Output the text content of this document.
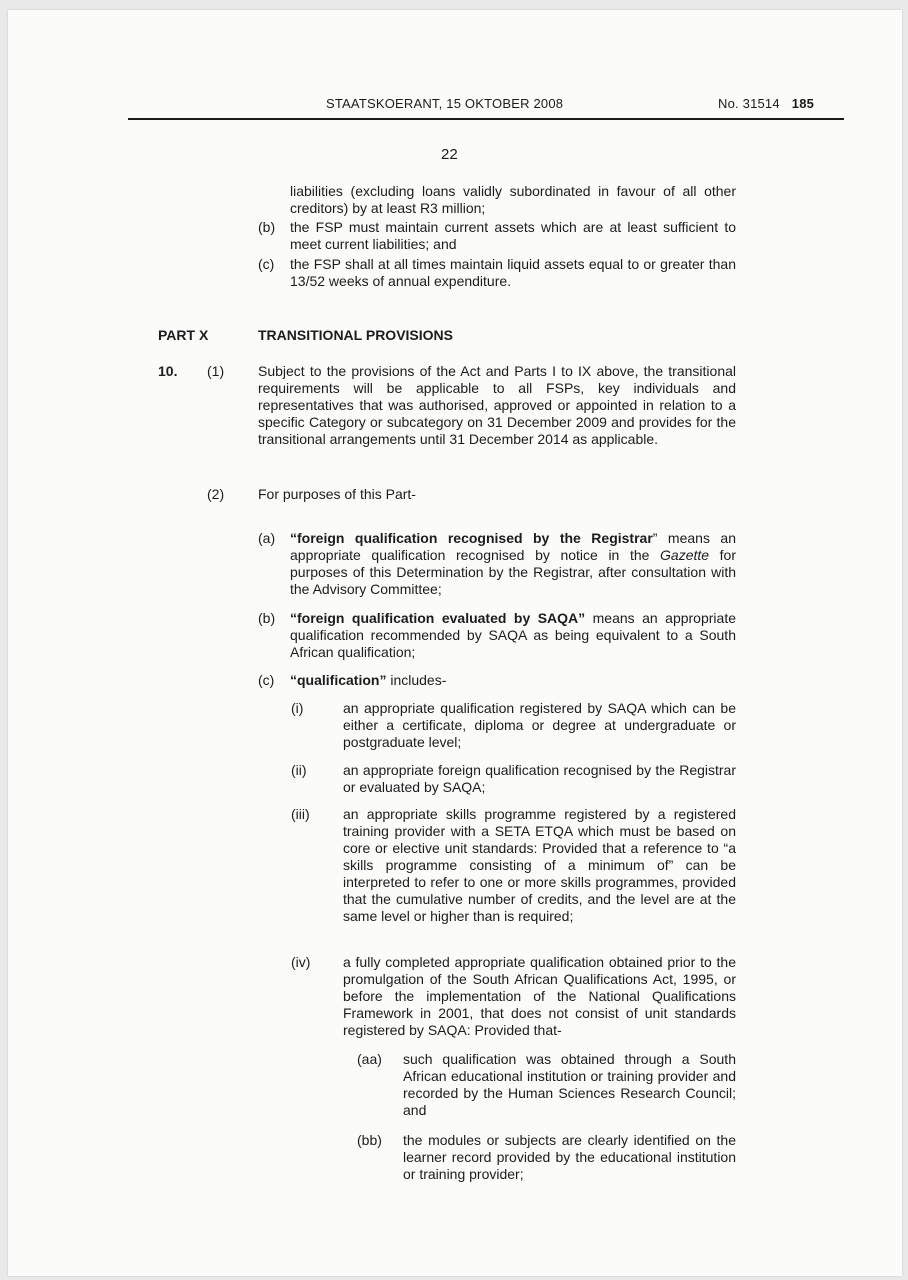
STAATSKOERANT, 15 OKTOBER 2008	No. 31514 185
22

liabilities (excluding loans validly subordinated in favour of all other creditors) by at least R3 million;

(b) the FSP must maintain current assets which are at least sufficient to meet current liabilities; and

(c) the FSP shall at all times maintain liquid assets equal to or greater than 13/52 weeks of annual expenditure.

PART X	TRANSITIONAL PROVISIONS
10. (1) Subject to the provisions of the Act and Parts I to IX above, the transitional requirements will be applicable to all FSPs, key individuals and representatives that was authorised, approved or appointed in relation to a specific Category or subcategory on 31 December 2009 and provides for the transitional arrangements until 31 December 2014 as applicable.

(2) For purposes of this Part-

(a) “foreign qualification recognised by the Registrar” means an appropriate qualification recognised by notice in the Gazette for purposes of this Determination by the Registrar, after consultation with the Advisory Committee;

(b) “foreign qualification evaluated by SAQA” means an appropriate qualification recommended by SAQA as being equivalent to a South African qualification;

(c) “qualification” includes-

(i)	an appropriate qualification registered by SAQA which can be either a certificate, diploma or degree at undergraduate or postgraduate level;

(ii)	an appropriate foreign qualification recognised by the Registrar or evaluated by SAQA;

(iii) an appropriate skills programme registered by a registered training provider with a SETA ETQA which must be based on core or elective unit standards: Provided that a reference to “a skills programme consisting of a minimum of” can be interpreted to refer to one or more skills programmes, provided that the cumulative number of credits, and the level are at the same level or higher than is required;

(iv) a fully completed appropriate qualification obtained prior to the promulgation of the South African Qualifications Act, 1995, or before the implementation of the National Qualifications Framework in 2001, that does not consist of unit standards registered by SAQA: Provided that-

(aa) such qualification was obtained through a South African educational institution or training provider and recorded by the Human Sciences Research Council; and

(bb) the modules or subjects are clearly identified on the learner record provided by the educational institution or training provider;
